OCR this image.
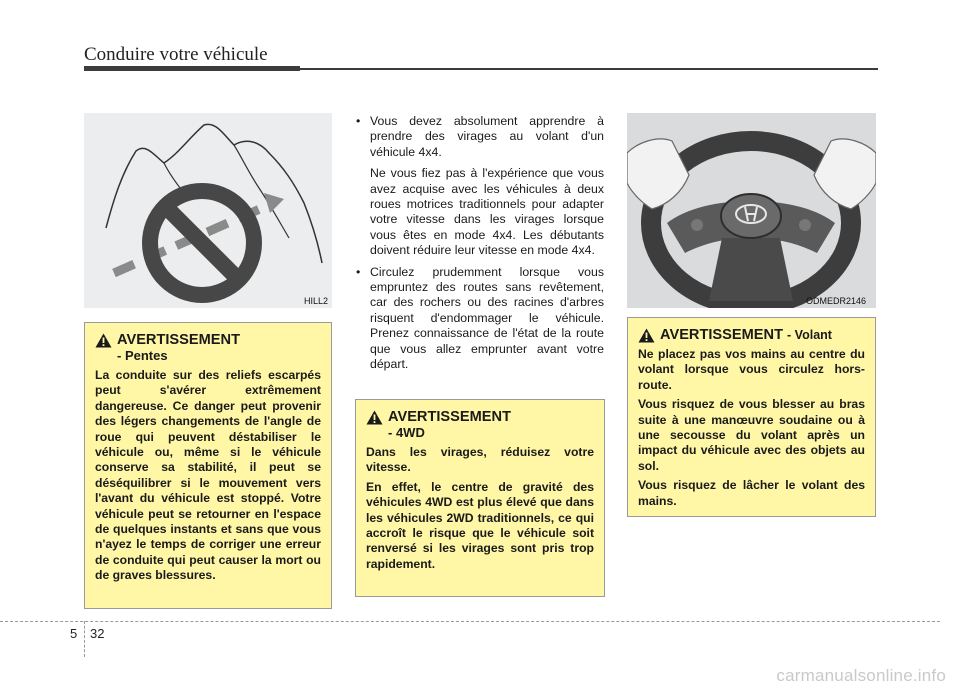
Conduire votre véhicule
HILL2	ODMEDR2146
• Vous devez absolument apprendre à prendre des virages au volant d'un véhicule 4x4.

Ne vous fiez pas à l'expérience que vous avez acquise avec les véhicules à deux roues motrices traditionnels pour adapter votre vitesse dans les virages lorsque vous êtes en mode 4x4. Les débutants doivent réduire leur vitesse en mode 4x4.

• Circulez prudemment lorsque vous empruntez des routes sans revêtement, car des rochers ou des racines d'arbres risquent d'endommager le véhicule. Prenez connaissance de l'état de la route que vous allez emprunter avant votre départ.

AVERTISSEMENT
- Pentes

La conduite sur des reliefs escarpés peut s'avérer extrêmement dangereuse. Ce danger peut provenir des légers changements de l'angle de roue qui peuvent déstabiliser le véhicule ou, même si le véhicule conserve sa stabilité, il peut se déséquilibrer si le mouvement vers l'avant du véhicule est stoppé. Votre véhicule peut se retourner en l'espace de quelques instants et sans que vous n'ayez le temps de corriger une erreur de conduite qui peut causer la mort ou de graves blessures.

AVERTISSEMENT
- 4WD

Dans les virages, réduisez votre vitesse.

En effet, le centre de gravité des véhicules 4WD est plus élevé que dans les véhicules 2WD traditionnels, ce qui accroît le risque que le véhicule soit renversé si les virages sont pris trop rapidement.

AVERTISSEMENT - Volant

Ne placez pas vos mains au centre du volant lorsque vous circulez hors-route.

Vous risquez de vous blesser au bras suite à une manœuvre soudaine ou à une secousse du volant après un impact du véhicule avec des objets au sol.

Vous risquez de lâcher le volant des mains.

5 32
carmanualsonline.info
